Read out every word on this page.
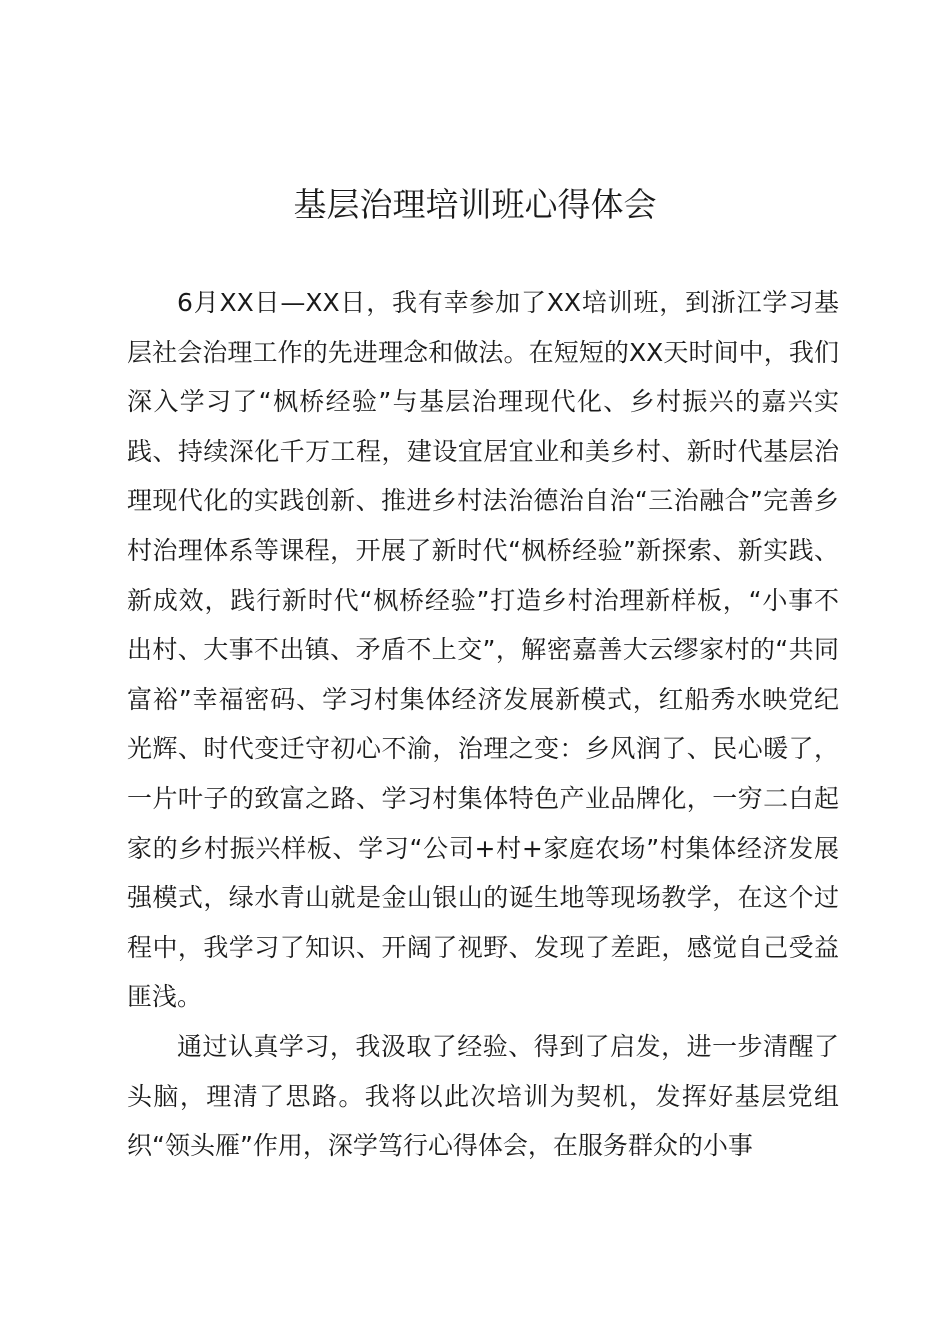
基层治理培训班心得体会

6月XX日—XX日，我有幸参加了XX培训班，到浙江学习基层社会治理工作的先进理念和做法。在短短的XX天时间中，我们深入学习了“枫桥经验”与基层治理现代化、乡村振兴的嘉兴实践、持续深化千万工程，建设宜居宜业和美乡村、新时代基层治理现代化的实践创新、推进乡村法治德治自治“三治融合”完善乡村治理体系等课程，开展了新时代“枫桥经验”新探索、新实践、新成效，践行新时代“枫桥经验”打造乡村治理新样板，“小事不出村、大事不出镇、矛盾不上交”，解密嘉善大云缪家村的“共同富裕”幸福密码、学习村集体经济发展新模式，红船秀水映党纪光辉、时代变迁守初心不渝，治理之变：乡风润了、民心暖了，一片叶子的致富之路、学习村集体特色产业品牌化，一穷二白起家的乡村振兴样板、学习“公司+村+家庭农场”村集体经济发展强模式，绿水青山就是金山银山的诞生地等现场教学，在这个过程中，我学习了知识、开阔了视野、发现了差距，感觉自己受益匪浅。

通过认真学习，我汲取了经验、得到了启发，进一步清醒了头脑，理清了思路。我将以此次培训为契机，发挥好基层党组织“领头雁”作用，深学笃行心得体会，在服务群众的小事
